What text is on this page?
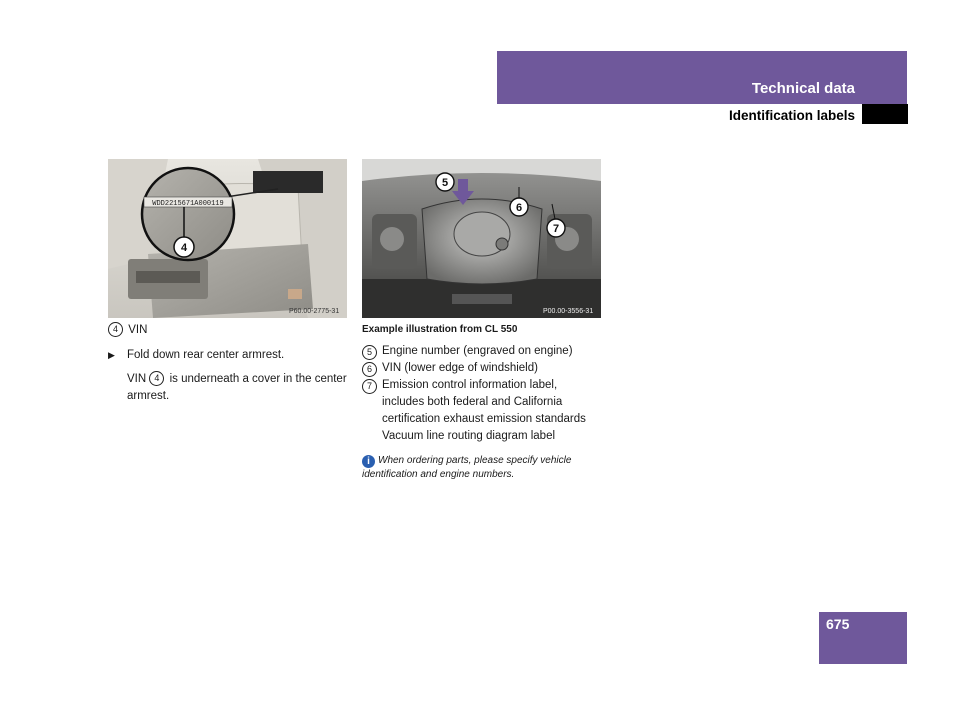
Technical data
Identification labels
WDD2215671A000119
4
P60.00-2775-31
5
6
7
P00.00-3556-31
4 VIN
▶ Fold down rear center armrest.
VIN 4 is underneath a cover in the center armrest.
Example illustration from CL 550
5 Engine number (engraved on engine)
6 VIN (lower edge of windshield)
7 Emission control information label, includes both federal and California certification exhaust emission standards
Vacuum line routing diagram label
i When ordering parts, please specify vehicle identification and engine numbers.
675
